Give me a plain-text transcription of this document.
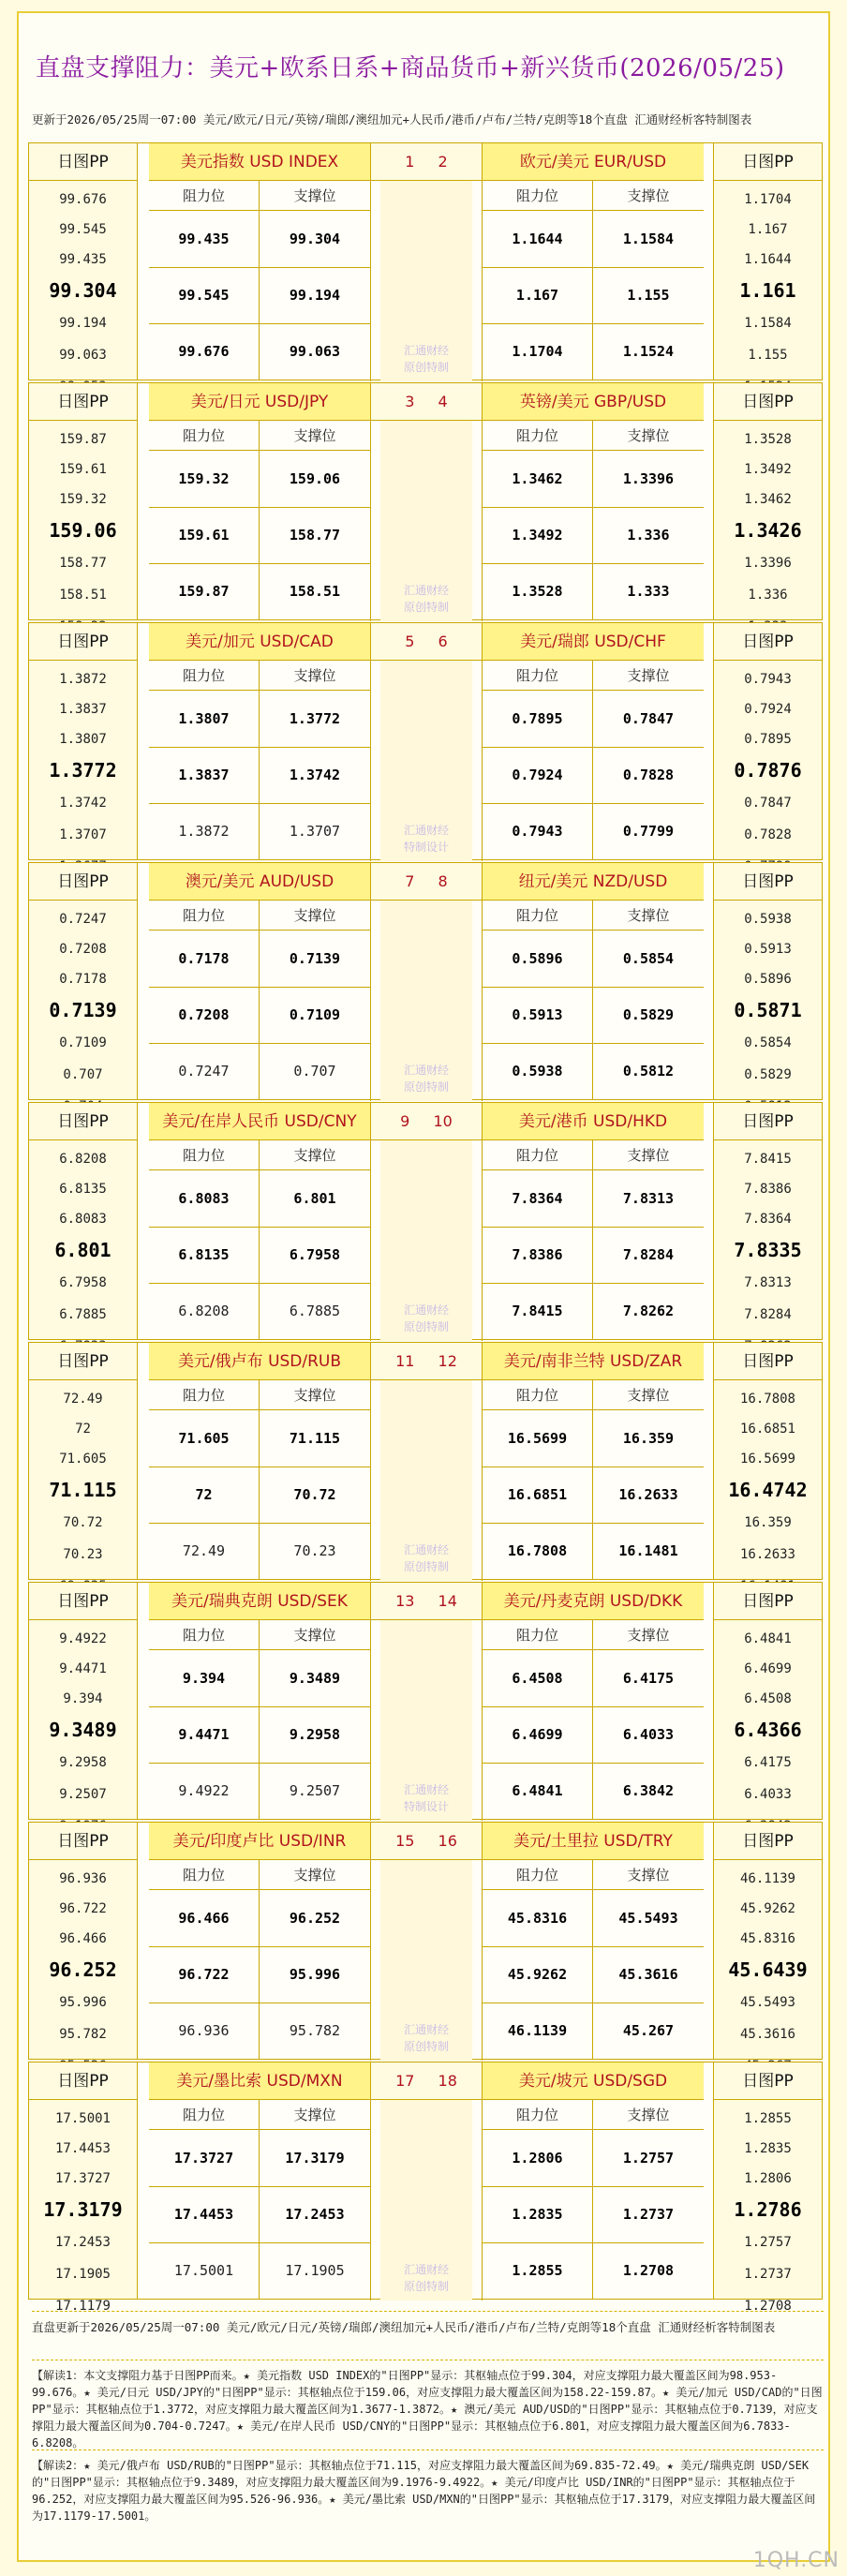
直盘支撑阻力：美元+欧系日系+商品货币+新兴货币(2026/05/25)
更新于2026/05/25周一07:00 美元/欧元/日元/英镑/瑞郎/澳纽加元+人民币/港币/卢布/兰特/克朗等18个直盘 汇通财经析客特制图表
日图PP
99.676
99.545
99.435
99.304
99.194
99.063
日图PP
1.1704
1.167
1.1644
1.161
1.1584
1.155
美元指数 USD INDEX
阻力位	支撑位
99.435	99.304
99.545	99.194
99.676	99.063
欧元/美元 EUR/USD
阻力位	支撑位
1.1644	1.1584
1.167	1.155
1.1704	1.1524
1 2
汇通财经
原创特制
日图PP
159.87
159.61
159.32
159.06
158.77
158.51
日图PP
1.3528
1.3492
1.3462
1.3426
1.3396
1.336
美元/日元 USD/JPY
阻力位	支撑位
159.32	159.06
159.61	158.77
159.87	158.51
英镑/美元 GBP/USD
阻力位	支撑位
1.3462	1.3396
1.3492	1.336
1.3528	1.333
3 4
汇通财经
原创特制
日图PP
1.3872
1.3837
1.3807
1.3772
1.3742
1.3707
日图PP
0.7943
0.7924
0.7895
0.7876
0.7847
0.7828
美元/加元 USD/CAD
阻力位	支撑位
1.3807	1.3772
1.3837	1.3742
1.3872	1.3707
美元/瑞郎 USD/CHF
阻力位	支撑位
0.7895	0.7847
0.7924	0.7828
0.7943	0.7799
5 6
汇通财经
特制设计
日图PP
0.7247
0.7208
0.7178
0.7139
0.7109
0.707
日图PP
0.5938
0.5913
0.5896
0.5871
0.5854
0.5829
澳元/美元 AUD/USD
阻力位	支撑位
0.7178	0.7139
0.7208	0.7109
0.7247	0.707
纽元/美元 NZD/USD
阻力位	支撑位
0.5896	0.5854
0.5913	0.5829
0.5938	0.5812
7 8
汇通财经
原创特制
日图PP
6.8208
6.8135
6.8083
6.801
6.7958
6.7885
日图PP
7.8415
7.8386
7.8364
7.8335
7.8313
7.8284
美元/在岸人民币 USD/CNY
阻力位	支撑位
6.8083	6.801
6.8135	6.7958
6.8208	6.7885
美元/港币 USD/HKD
阻力位	支撑位
7.8364	7.8313
7.8386	7.8284
7.8415	7.8262
9 10
汇通财经
原创特制
日图PP
72.49
72
71.605
71.115
70.72
70.23
日图PP
16.7808
16.6851
16.5699
16.4742
16.359
16.2633
美元/俄卢布 USD/RUB
阻力位	支撑位
71.605	71.115
72	70.72
72.49	70.23
美元/南非兰特 USD/ZAR
阻力位	支撑位
16.5699	16.359
16.6851	16.2633
16.7808	16.1481
11 12
汇通财经
原创特制
日图PP
9.4922
9.4471
9.394
9.3489
9.2958
9.2507
日图PP
6.4841
6.4699
6.4508
6.4366
6.4175
6.4033
美元/瑞典克朗 USD/SEK
阻力位	支撑位
9.394	9.3489
9.4471	9.2958
9.4922	9.2507
美元/丹麦克朗 USD/DKK
阻力位	支撑位
6.4508	6.4175
6.4699	6.4033
6.4841	6.3842
13 14
汇通财经
特制设计
日图PP
96.936
96.722
96.466
96.252
95.996
95.782
日图PP
46.1139
45.9262
45.8316
45.6439
45.5493
45.3616
美元/印度卢比 USD/INR
阻力位	支撑位
96.466	96.252
96.722	95.996
96.936	95.782
美元/土里拉 USD/TRY
阻力位	支撑位
45.8316	45.5493
45.9262	45.3616
46.1139	45.267
15 16
汇通财经
原创特制
日图PP
17.5001
17.4453
17.3727
17.3179
17.2453
17.1905
17.1179
日图PP
1.2855
1.2835
1.2806
1.2786
1.2757
1.2737
1.2708
美元/墨比索 USD/MXN
阻力位	支撑位
17.3727	17.3179
17.4453	17.2453
17.5001	17.1905
美元/坡元 USD/SGD
阻力位	支撑位
1.2806	1.2757
1.2835	1.2737
1.2855	1.2708
17 18
汇通财经
原创特制
直盘更新于2026/05/25周一07:00 美元/欧元/日元/英镑/瑞郎/澳纽加元+人民币/港币/卢布/兰特/克朗等18个直盘 汇通财经析客特制图表
【解读1：本文支撑阻力基于日图PP而来。★ 美元指数 USD INDEX的"日图PP"显示：其枢轴点位于99.304，对应支撑阻力最大覆盖区间为98.953-99.676。★ 美元/日元 USD/JPY的"日图PP"显示：其枢轴点位于159.06，对应支撑阻力最大覆盖区间为158.22-159.87。★ 美元/加元 USD/CAD的"日图PP"显示：其枢轴点位于1.3772，对应支撑阻力最大覆盖区间为1.3677-1.3872。★ 澳元/美元 AUD/USD的"日图PP"显示：其枢轴点位于0.7139，对应支撑阻力最大覆盖区间为0.704-0.7247。★ 美元/在岸人民币 USD/CNY的"日图PP"显示：其枢轴点位于6.801，对应支撑阻力最大覆盖区间为6.7833-6.8208。
【解读2：★ 美元/俄卢布 USD/RUB的"日图PP"显示：其枢轴点位于71.115，对应支撑阻力最大覆盖区间为69.835-72.49。★ 美元/瑞典克朗 USD/SEK的"日图PP"显示：其枢轴点位于9.3489，对应支撑阻力最大覆盖区间为9.1976-9.4922。★ 美元/印度卢比 USD/INR的"日图PP"显示：其枢轴点位于96.252，对应支撑阻力最大覆盖区间为95.526-96.936。★ 美元/墨比索 USD/MXN的"日图PP"显示：其枢轴点位于17.3179，对应支撑阻力最大覆盖区间为17.1179-17.5001。
1QH.CN
